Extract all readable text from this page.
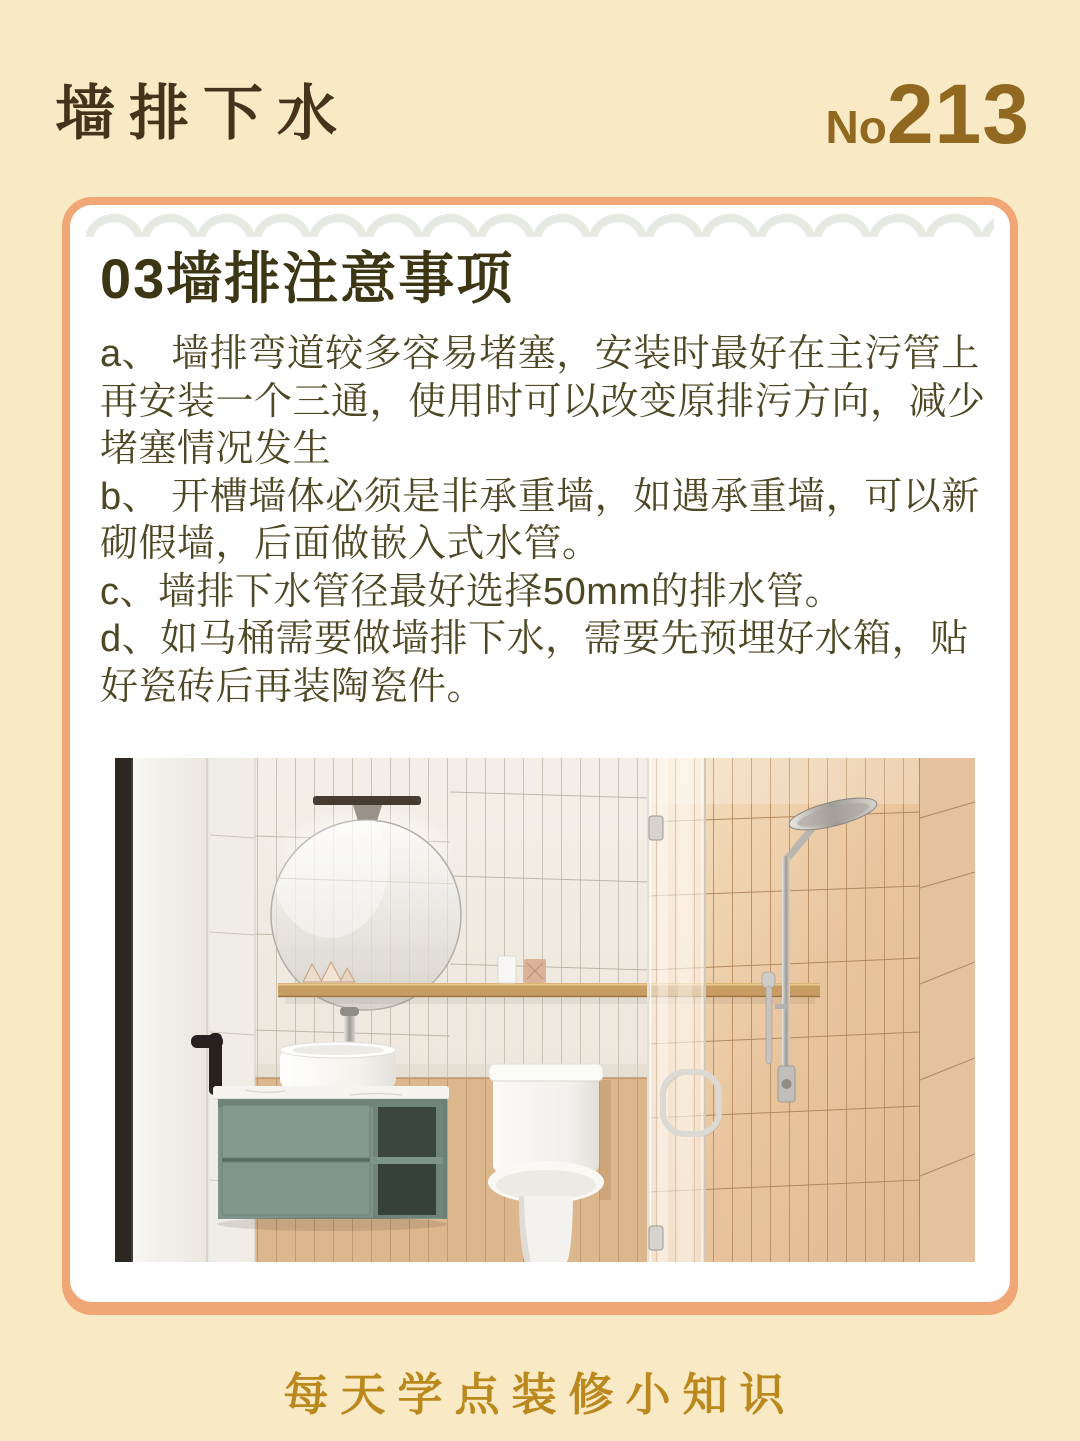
墙排下水	No213
03墙排注意事项

a、 墙排弯道较多容易堵塞，安装时最好在主污管上再安装一个三通，使用时可以改变原排污方向，减少堵塞情况发生

b、 开槽墙体必须是非承重墙，如遇承重墙，可以新砌假墙，后面做嵌入式水管。

c、墙排下水管径最好选择50mm的排水管。

d、如马桶需要做墙排下水，需要先预埋好水箱，贴好瓷砖后再装陶瓷件。

每天学点装修小知识
